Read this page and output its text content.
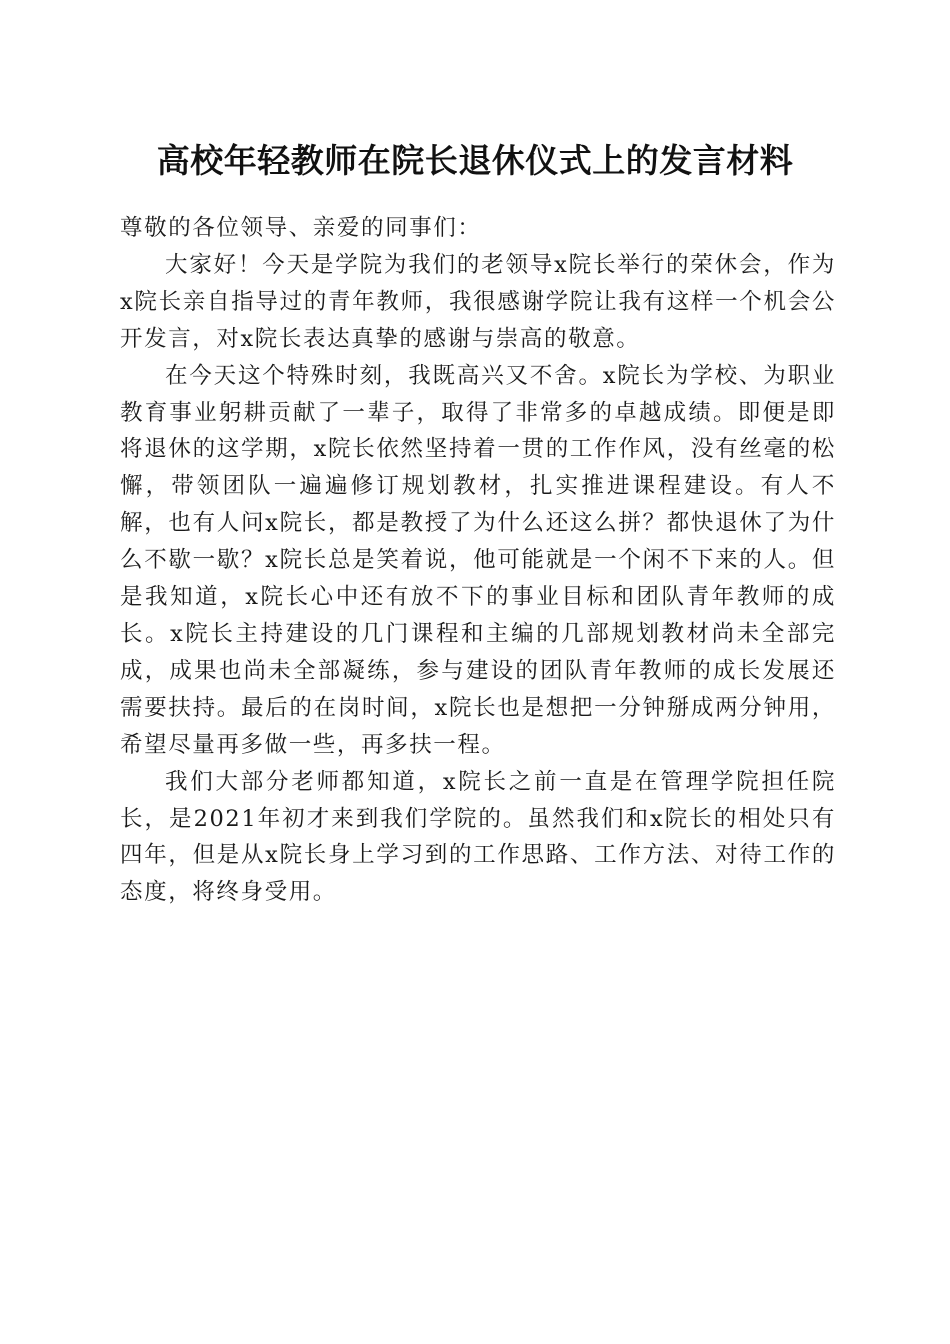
高校年轻教师在院长退休仪式上的发言材料

尊敬的各位领导、亲爱的同事们：

大家好！今天是学院为我们的老领导x院长举行的荣休会，作为x院长亲自指导过的青年教师，我很感谢学院让我有这样一个机会公开发言，对x院长表达真挚的感谢与崇高的敬意。

在今天这个特殊时刻，我既高兴又不舍。x院长为学校、为职业教育事业躬耕贡献了一辈子，取得了非常多的卓越成绩。即便是即将退休的这学期，x院长依然坚持着一贯的工作作风，没有丝毫的松懈，带领团队一遍遍修订规划教材，扎实推进课程建设。有人不解，也有人问x院长，都是教授了为什么还这么拼？都快退休了为什么不歇一歇？x院长总是笑着说，他可能就是一个闲不下来的人。但是我知道，x院长心中还有放不下的事业目标和团队青年教师的成长。x院长主持建设的几门课程和主编的几部规划教材尚未全部完成，成果也尚未全部凝练，参与建设的团队青年教师的成长发展还需要扶持。最后的在岗时间，x院长也是想把一分钟掰成两分钟用，希望尽量再多做一些，再多扶一程。

我们大部分老师都知道，x院长之前一直是在管理学院担任院长，是2021年初才来到我们学院的。虽然我们和x院长的相处只有四年，但是从x院长身上学习到的工作思路、工作方法、对待工作的态度，将终身受用。
